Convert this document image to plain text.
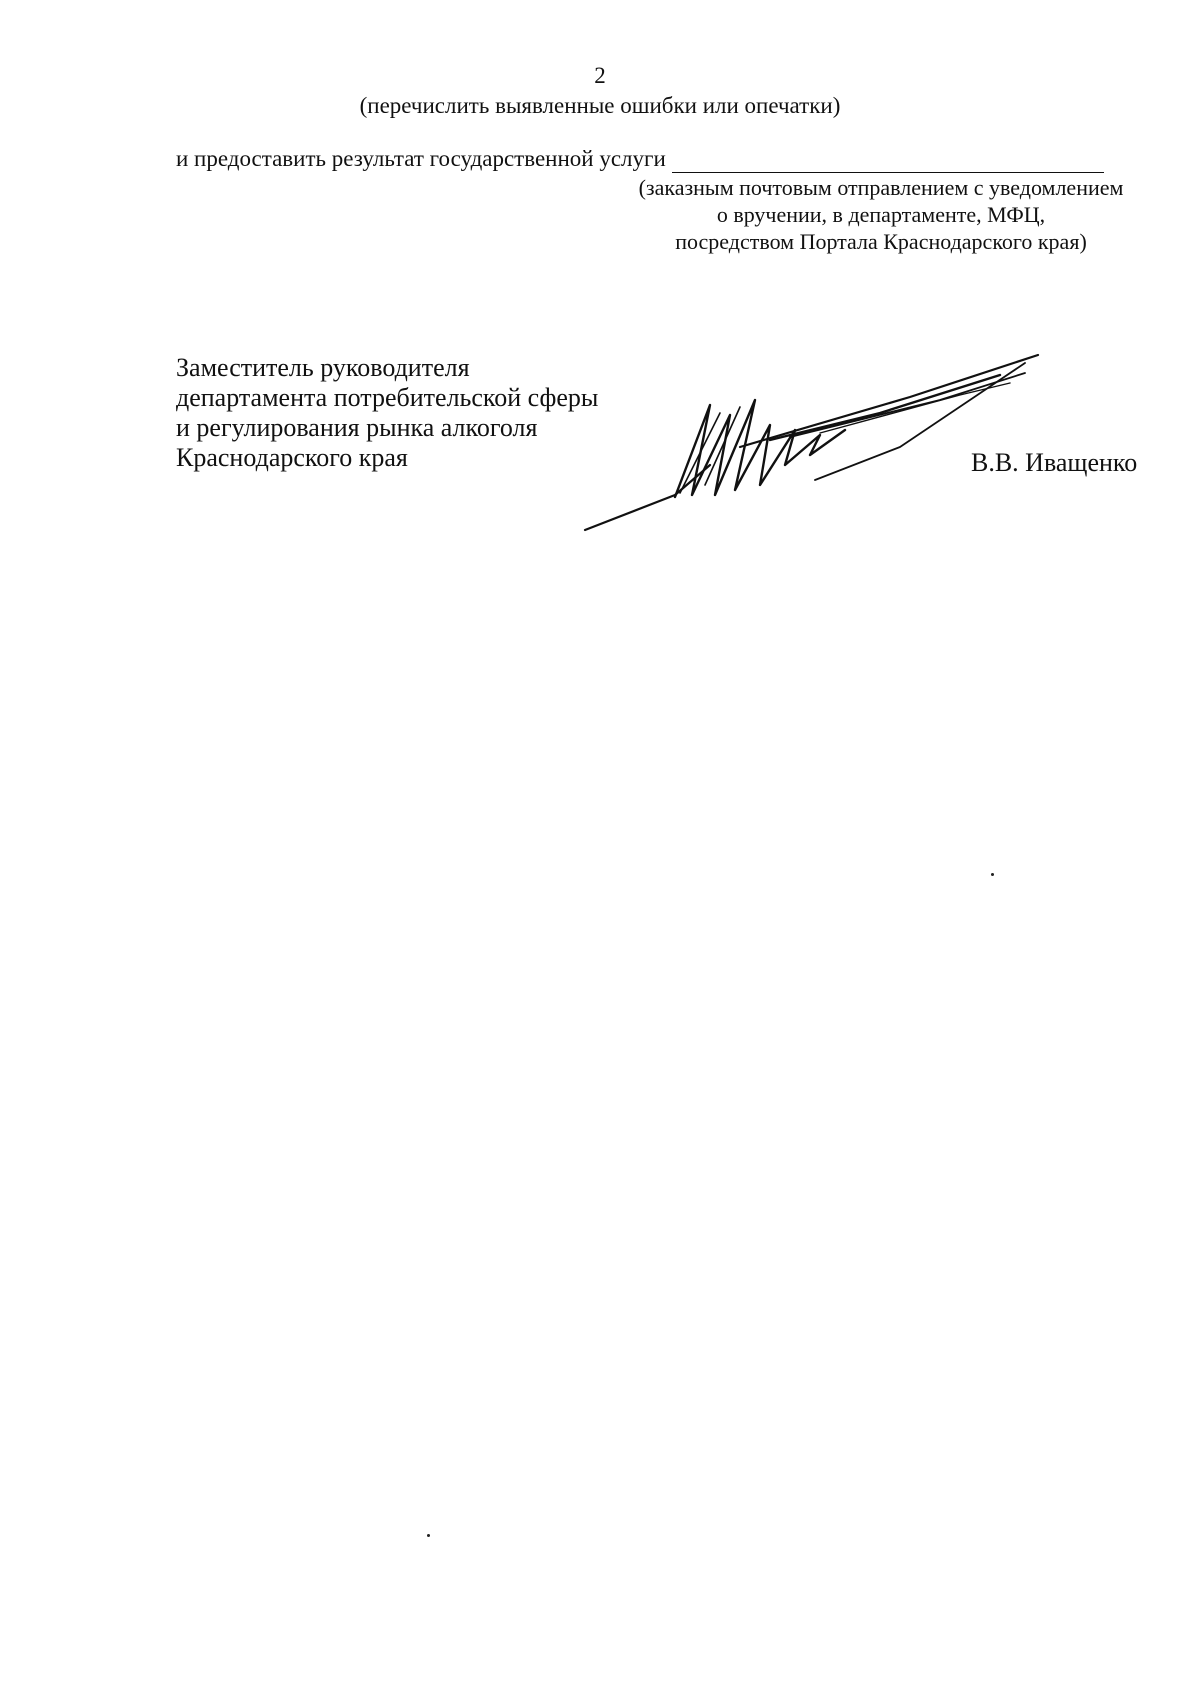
2
(перечислить выявленные ошибки или опечатки)
и предоставить результат государственной услуги
(заказным почтовым отправлением с уведомлением
о вручении, в департаменте, МФЦ,
посредством Портала Краснодарского края)
Заместитель руководителя
департамента потребительской сферы
и регулирования рынка алкоголя
Краснодарского края	В.В. Иващенко
